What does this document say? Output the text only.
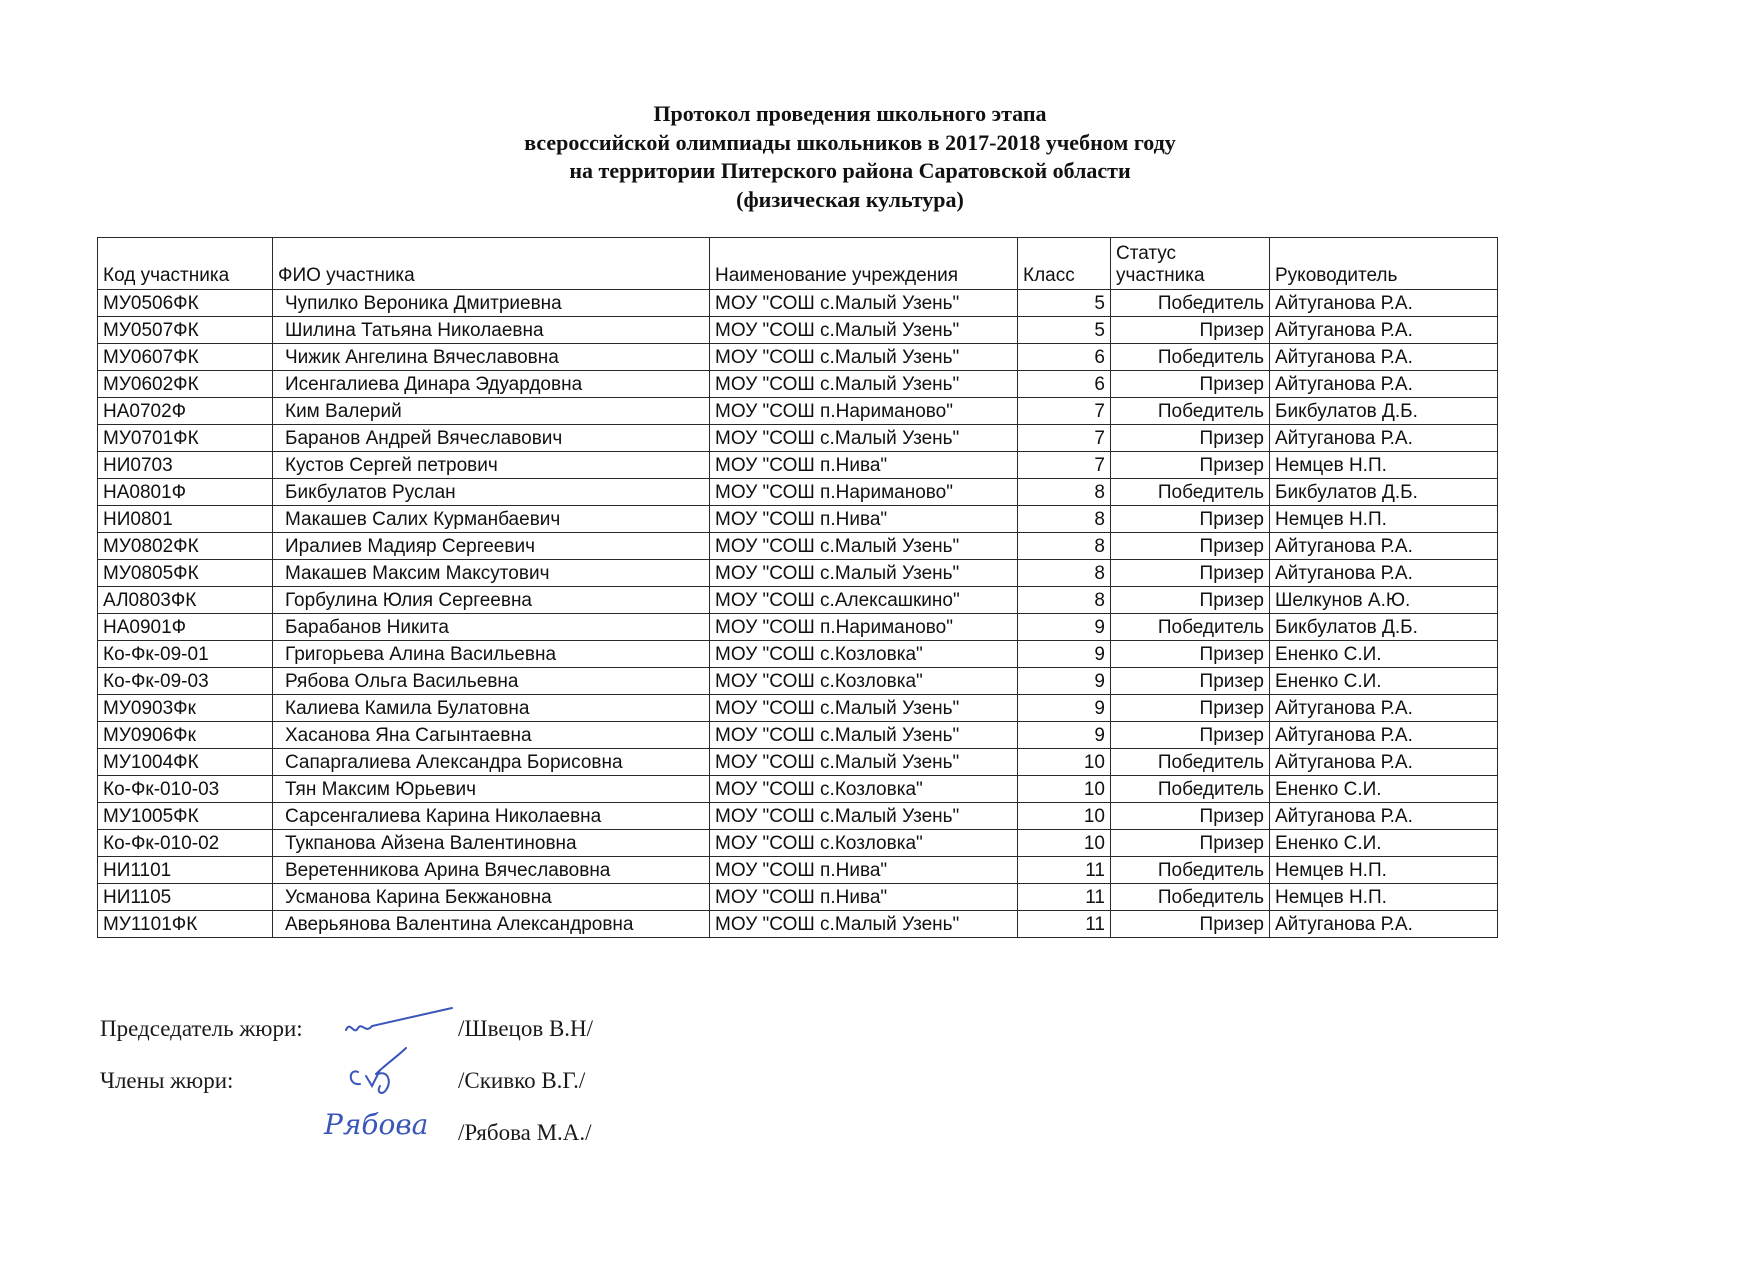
Протокол проведения школьного этапа
всероссийской олимпиады школьников в 2017-2018 учебном году
на территории Питерского района Саратовской области
(физическая культура)
Код участника	ФИО участника	Наименование учреждения	Класс	Статус
участника	Руководитель
МУ0506ФК	Чупилко Вероника Дмитриевна	МОУ "СОШ с.Малый Узень"	5	Победитель	Айтуганова Р.А.
МУ0507ФК	Шилина Татьяна Николаевна	МОУ "СОШ с.Малый Узень"	5	Призер	Айтуганова Р.А.
МУ0607ФК	Чижик Ангелина Вячеславовна	МОУ "СОШ с.Малый Узень"	6	Победитель	Айтуганова Р.А.
МУ0602ФК	Исенгалиева Динара Эдуардовна	МОУ "СОШ с.Малый Узень"	6	Призер	Айтуганова Р.А.
НА0702Ф	Ким Валерий	МОУ "СОШ п.Нариманово"	7	Победитель	Бикбулатов Д.Б.
МУ0701ФК	Баранов Андрей Вячеславович	МОУ "СОШ с.Малый Узень"	7	Призер	Айтуганова Р.А.
НИ0703	Кустов Сергей петрович	МОУ "СОШ п.Нива"	7	Призер	Немцев Н.П.
НА0801Ф	Бикбулатов Руслан	МОУ "СОШ п.Нариманово"	8	Победитель	Бикбулатов Д.Б.
НИ0801	Макашев Салих Курманбаевич	МОУ "СОШ п.Нива"	8	Призер	Немцев Н.П.
МУ0802ФК	Иралиев Мадияр Сергеевич	МОУ "СОШ с.Малый Узень"	8	Призер	Айтуганова Р.А.
МУ0805ФК	Макашев Максим Максутович	МОУ "СОШ с.Малый Узень"	8	Призер	Айтуганова Р.А.
АЛ0803ФК	Горбулина Юлия Сергеевна	МОУ "СОШ с.Алексашкино"	8	Призер	Шелкунов А.Ю.
НА0901Ф	Барабанов Никита	МОУ "СОШ п.Нариманово"	9	Победитель	Бикбулатов Д.Б.
Ко-Фк-09-01	Григорьева Алина Васильевна	МОУ "СОШ с.Козловка"	9	Призер	Ененко С.И.
Ко-Фк-09-03	Рябова Ольга Васильевна	МОУ "СОШ с.Козловка"	9	Призер	Ененко С.И.
МУ0903Фк	Калиева Камила Булатовна	МОУ "СОШ с.Малый Узень"	9	Призер	Айтуганова Р.А.
МУ0906Фк	Хасанова Яна Сагынтаевна	МОУ "СОШ с.Малый Узень"	9	Призер	Айтуганова Р.А.
МУ1004ФК	Сапаргалиева Александра Борисовна	МОУ "СОШ с.Малый Узень"	10	Победитель	Айтуганова Р.А.
Ко-Фк-010-03	Тян Максим Юрьевич	МОУ "СОШ с.Козловка"	10	Победитель	Ененко С.И.
МУ1005ФК	Сарсенгалиева Карина Николаевна	МОУ "СОШ с.Малый Узень"	10	Призер	Айтуганова Р.А.
Ко-Фк-010-02	Тукпанова Айзена Валентиновна	МОУ "СОШ с.Козловка"	10	Призер	Ененко С.И.
НИ1101	Веретенникова Арина Вячеславовна	МОУ "СОШ п.Нива"	11	Победитель	Немцев Н.П.
НИ1105	Усманова Карина Бекжановна	МОУ "СОШ п.Нива"	11	Победитель	Немцев Н.П.
МУ1101ФК	Аверьянова Валентина Александровна	МОУ "СОШ с.Малый Узень"	11	Призер	Айтуганова Р.А.
Председатель жюри:	/Швецов В.Н/
Члены жюри:	/Скивко В.Г./
Рябова /Рябова М.А./
